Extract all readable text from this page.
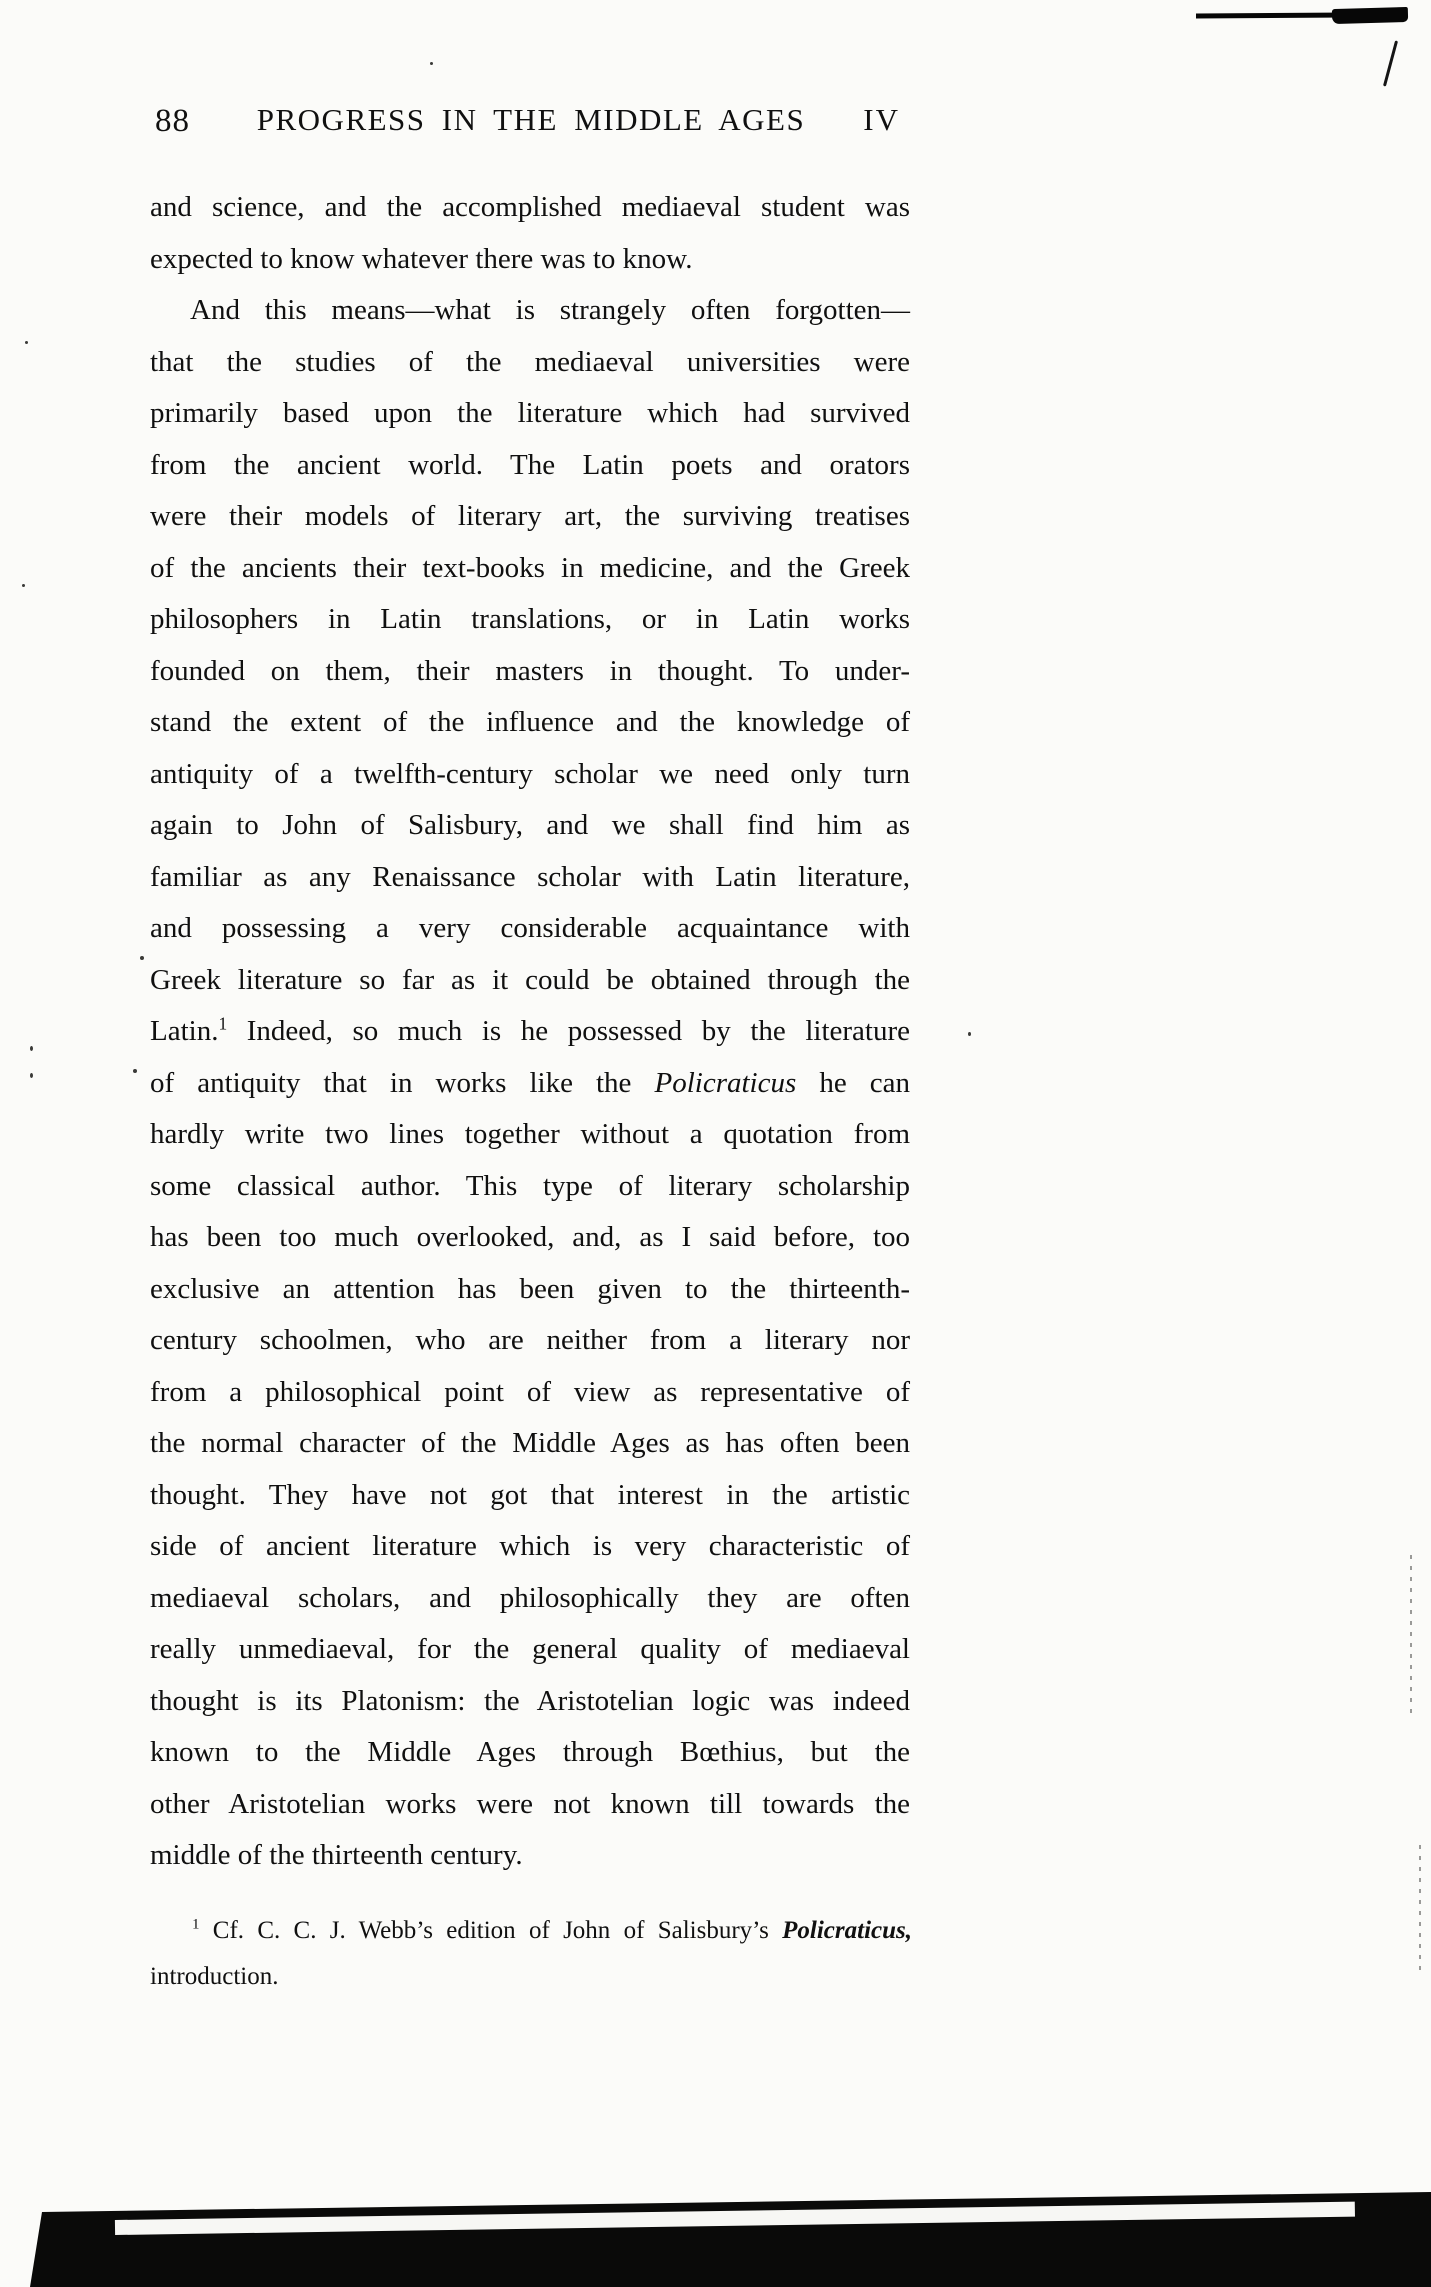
88	PROGRESS IN THE MIDDLE AGES	IV
and science, and the accomplished mediaeval student was
expected to know whatever there was to know.
And this means—what is strangely often forgotten—
that the studies of the mediaeval universities were
primarily based upon the literature which had survived
from the ancient world. The Latin poets and orators
were their models of literary art, the surviving treatises
of the ancients their text-books in medicine, and the Greek
philosophers in Latin translations, or in Latin works
founded on them, their masters in thought. To under-
stand the extent of the influence and the knowledge of
antiquity of a twelfth-century scholar we need only turn
again to John of Salisbury, and we shall find him as
familiar as any Renaissance scholar with Latin literature,
and possessing a very considerable acquaintance with
Greek literature so far as it could be obtained through the
Latin.$^1$ Indeed, so much is he possessed by the literature
of antiquity that in works like the Policraticus he can
hardly write two lines together without a quotation from
some classical author. This type of literary scholarship
has been too much overlooked, and, as I said before, too
exclusive an attention has been given to the thirteenth-
century schoolmen, who are neither from a literary nor
from a philosophical point of view as representative of
the normal character of the Middle Ages as has often been
thought. They have not got that interest in the artistic
side of ancient literature which is very characteristic of
mediaeval scholars, and philosophically they are often
really unmediaeval, for the general quality of mediaeval
thought is its Platonism: the Aristotelian logic was indeed
known to the Middle Ages through Bœthius, but the
other Aristotelian works were not known till towards the
middle of the thirteenth century.
$^1$ Cf. C. C. J. Webb’s edition of John of Salisbury’s Policraticus,
introduction.
